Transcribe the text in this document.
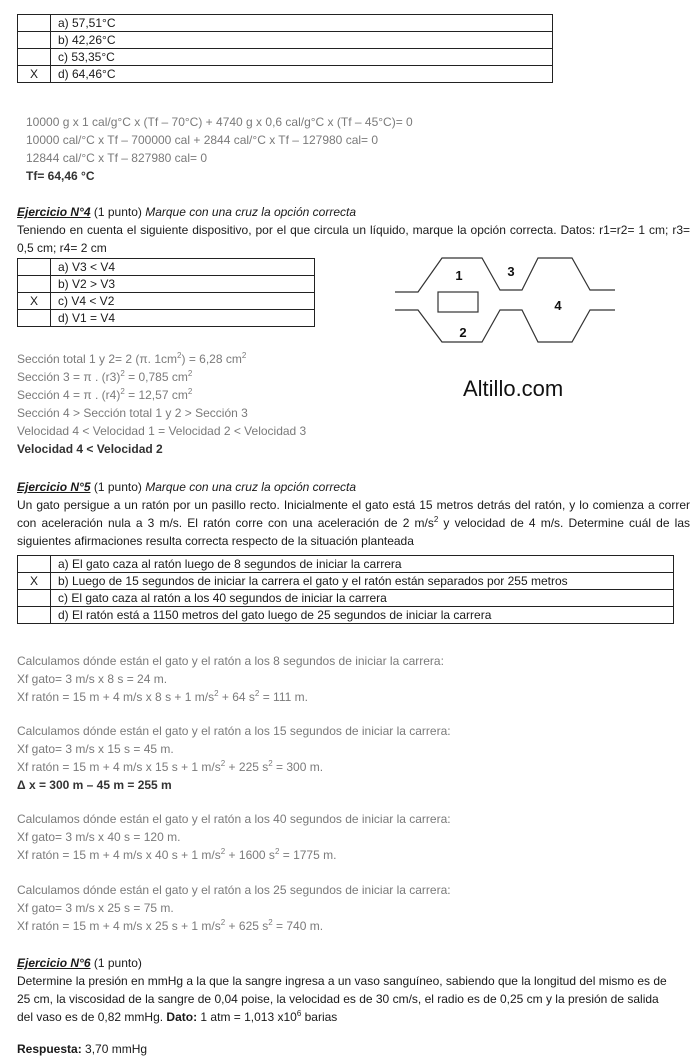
	a) 57,51°C
	b) 42,26°C
	c) 53,35°C
X	d) 64,46°C
10000 g x 1 cal/g°C x (Tf – 70°C) + 4740 g x 0,6 cal/g°C x (Tf – 45°C)= 0
10000 cal/°C x Tf – 700000 cal + 2844 cal/°C x Tf – 127980 cal= 0
12844 cal/°C x Tf – 827980 cal= 0
Tf= 64,46 °C
Ejercicio N°4 (1 punto) Marque con una cruz la opción correcta
Teniendo en cuenta el siguiente dispositivo, por el que circula un líquido, marque la opción correcta. Datos: r1=r2= 1 cm; r3= 0,5 cm; r4= 2 cm
	a) V3 < V4
	b) V2 > V3
X	c) V4 < V2
	d) V1 = V4
1
2
3
4
Altillo.com
Sección total 1 y 2= 2 (π. $1cm^2) = 6,28$ $cm^2$
Sección 3 = π . $(r3)^2 = 0,785$ $cm^2$
Sección 4 = π . $(r4)^2 = 12,57$ $cm^2$
Sección 4 > Sección total 1 y 2 > Sección 3
Velocidad 4 < Velocidad 1 = Velocidad 2 < Velocidad 3
Velocidad 4 < Velocidad 2
Ejercicio N°5 (1 punto) Marque con una cruz la opción correcta
Un gato persigue a un ratón por un pasillo recto. Inicialmente el gato está 15 metros detrás del ratón, y lo comienza a correr con aceleración nula a 3 m/s. El ratón corre con una aceleración de 2 $m/s^2$ y velocidad de 4 m/s. Determine cuál de las siguientes afirmaciones resulta correcta respecto de la situación planteada
	a) El gato caza al ratón luego de 8 segundos de iniciar la carrera
X	b) Luego de 15 segundos de iniciar la carrera el gato y el ratón están separados por 255 metros
	c) El gato caza al ratón a los 40 segundos de iniciar la carrera
	d) El ratón está a 1150 metros del gato luego de 25 segundos de iniciar la carrera
Calculamos dónde están el gato y el ratón a los 8 segundos de iniciar la carrera:
Xf gato= 3 m/s x 8 s = 24 m.
Xf ratón = 15 m + 4 m/s x 8 s + 1 $m/s^2 + 64$ $s^2 = 111$ m.
Calculamos dónde están el gato y el ratón a los 15 segundos de iniciar la carrera:
Xf gato= 3 m/s x 15 s = 45 m.
Xf ratón = 15 m + 4 m/s x 15 s + 1 $m/s^2 + 225$ $s^2 = 300$ m.
Δ x = 300 m – 45 m = 255 m
Calculamos dónde están el gato y el ratón a los 40 segundos de iniciar la carrera:
Xf gato= 3 m/s x 40 s = 120 m.
Xf ratón = 15 m + 4 m/s x 40 s + 1 $m/s^2 + 1600$ $s^2 = 1775$ m.
Calculamos dónde están el gato y el ratón a los 25 segundos de iniciar la carrera:
Xf gato= 3 m/s x 25 s = 75 m.
Xf ratón = 15 m + 4 m/s x 25 s + 1 $m/s^2 + 625$ $s^2 = 740$ m.
Ejercicio N°6 (1 punto)
Determine la presión en mmHg a la que la sangre ingresa a un vaso sanguíneo, sabiendo que la longitud del mismo es de 25 cm, la viscosidad de la sangre de 0,04 poise, la velocidad es de 30 cm/s, el radio es de 0,25 cm y la presión de salida del vaso es de 0,82 mmHg. Dato: 1 atm = 1,013 $x10^6$ barias
Respuesta: 3,70 mmHg
